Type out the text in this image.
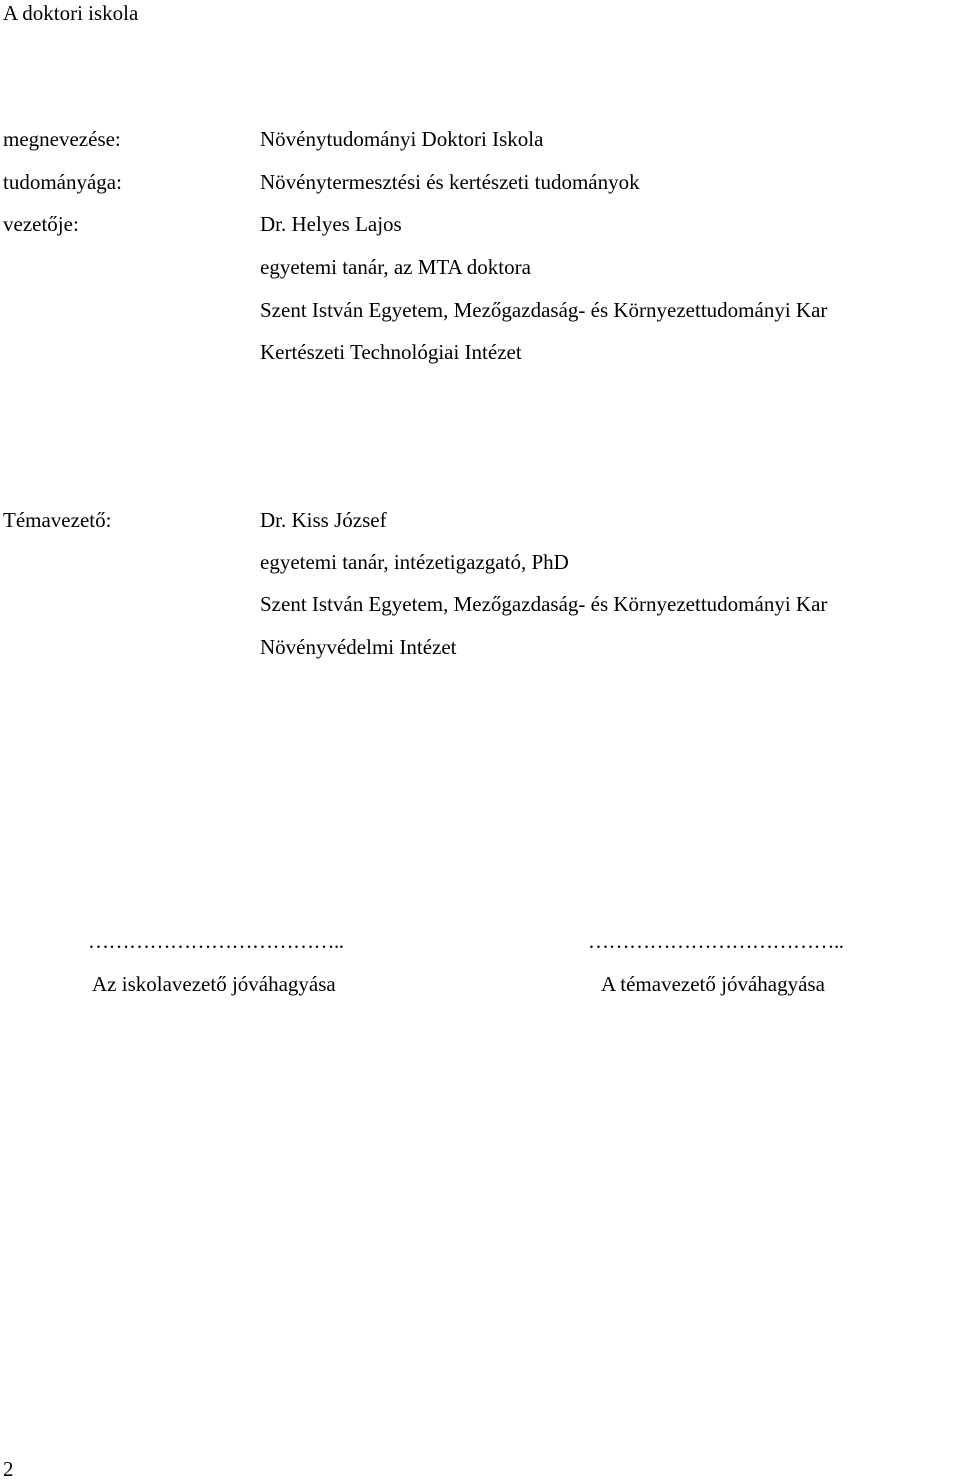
A doktori iskola
megnevezése:	Növénytudományi Doktori Iskola
tudományága:	Növénytermesztési és kertészeti tudományok
vezetője:	Dr. Helyes Lajos
egyetemi tanár, az MTA doktora
Szent István Egyetem, Mezőgazdaság- és Környezettudományi Kar
Kertészeti Technológiai Intézet
Témavezető:	Dr. Kiss József
egyetemi tanár, intézetigazgató, PhD
Szent István Egyetem, Mezőgazdaság- és Környezettudományi Kar
Növényvédelmi Intézet
………………………………..
Az iskolavezető jóváhagyása
………………………………..
A témavezető jóváhagyása
2
